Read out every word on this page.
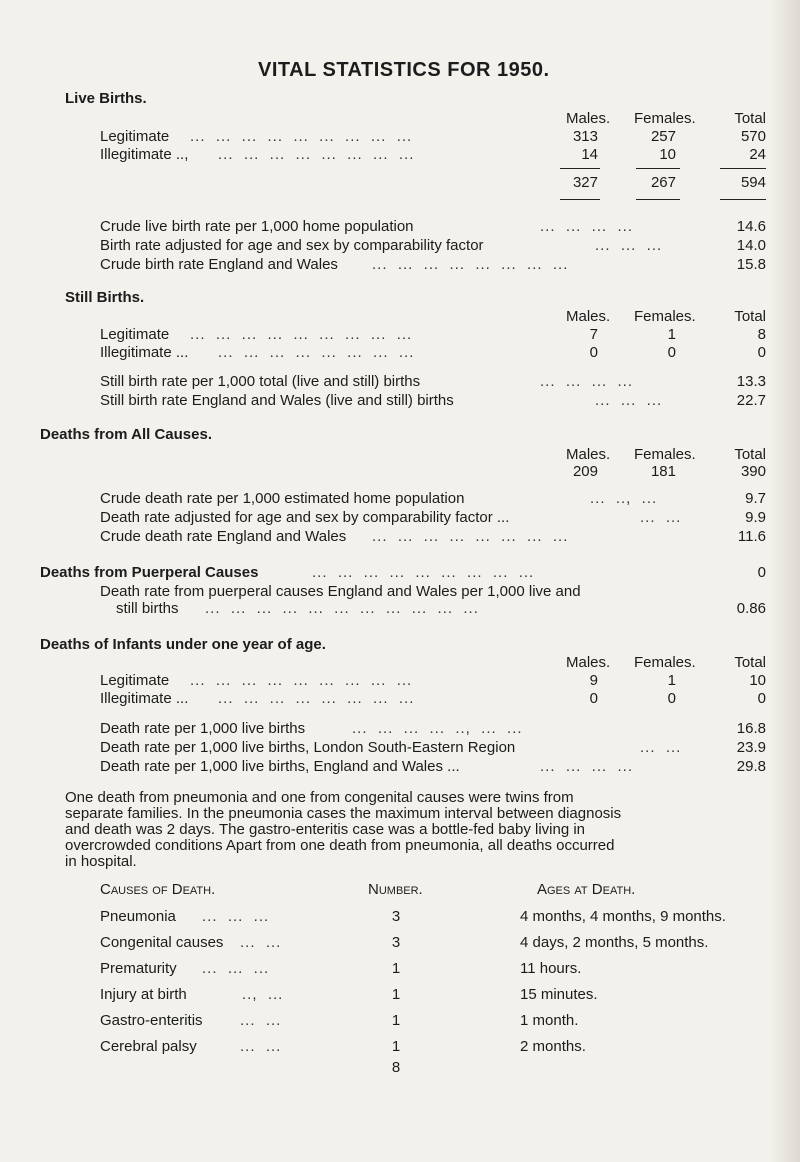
VITAL STATISTICS FOR 1950.
Live Births.
Males. Females.	Total
Legitimate ...  ...  ...  ...  ...  ...  ...  ...  ...	313	257	570
Illegitimate .., ...  ...  ...  ...  ...  ...  ...  ...	14	10	24
327	267	594
Crude live birth rate per 1,000 home population	...  ...  ...  ...	14.6
Birth rate adjusted for age and sex by comparability factor	...  ...  ...	14.0
Crude birth rate England and Wales ...  ...  ...  ...  ...  ...  ...  ...	15.8
Still Births.
Males. Females.	Total
Legitimate ...  ...  ...  ...  ...  ...  ...  ...  ...	7	1	8
Illegitimate ... ...  ...  ...  ...  ...  ...  ...  ...	0	0	0
Still birth rate per 1,000 total (live and still) births	...  ...  ...  ...	13.3
Still birth rate England and Wales (live and still) births	...  ...  ...	22.7
Deaths from All Causes.
Males. Females.	Total
209	181	390
Crude death rate per 1,000 estimated home population	...  ..,  ...	9.7
Death rate adjusted for age and sex by comparability factor ...	...  ...	9.9
Crude death rate England and Wales ...  ...  ...  ...  ...  ...  ...  ...	11.6
Deaths from Puerperal Causes	...  ...  ...  ...  ...  ...  ...  ...  ...	0
Death rate from puerperal causes England and Wales per 1,000 live and
still births ...  ...  ...  ...  ...  ...  ...  ...  ...  ...  ...	0.86
Deaths of Infants under one year of age.
Males. Females.	Total
Legitimate ...  ...  ...  ...  ...  ...  ...  ...  ...	9	1	10
Illegitimate ... ...  ...  ...  ...  ...  ...  ...  ...	0	0	0
Death rate per 1,000 live births	...  ...  ...  ...  ..,  ...  ...	16.8
Death rate per 1,000 live births, London South-Eastern Region	...  ...	23.9
Death rate per 1,000 live births, England and Wales ...	...  ...  ...  ...	29.8
One death from pneumonia and one from congenital causes were twins from
separate families. In the pneumonia cases the maximum interval between diagnosis
and death was 2 days. The gastro-enteritis case was a bottle-fed baby living in
overcrowded conditions Apart from one death from pneumonia, all deaths occurred
in hospital.
Causes of Death.	Number.	Ages at Death.
Pneumonia ...  ...  ...	3	4 months, 4 months, 9 months.
Congenital causes ...  ...	3	4 days, 2 months, 5 months.
Prematurity ...  ...  ...	1	11 hours.
Injury at birth	..,  ...	1	15 minutes.
Gastro-enteritis ...  ...	1	1 month.
Cerebral palsy	...  ...	1	2 months.
8
